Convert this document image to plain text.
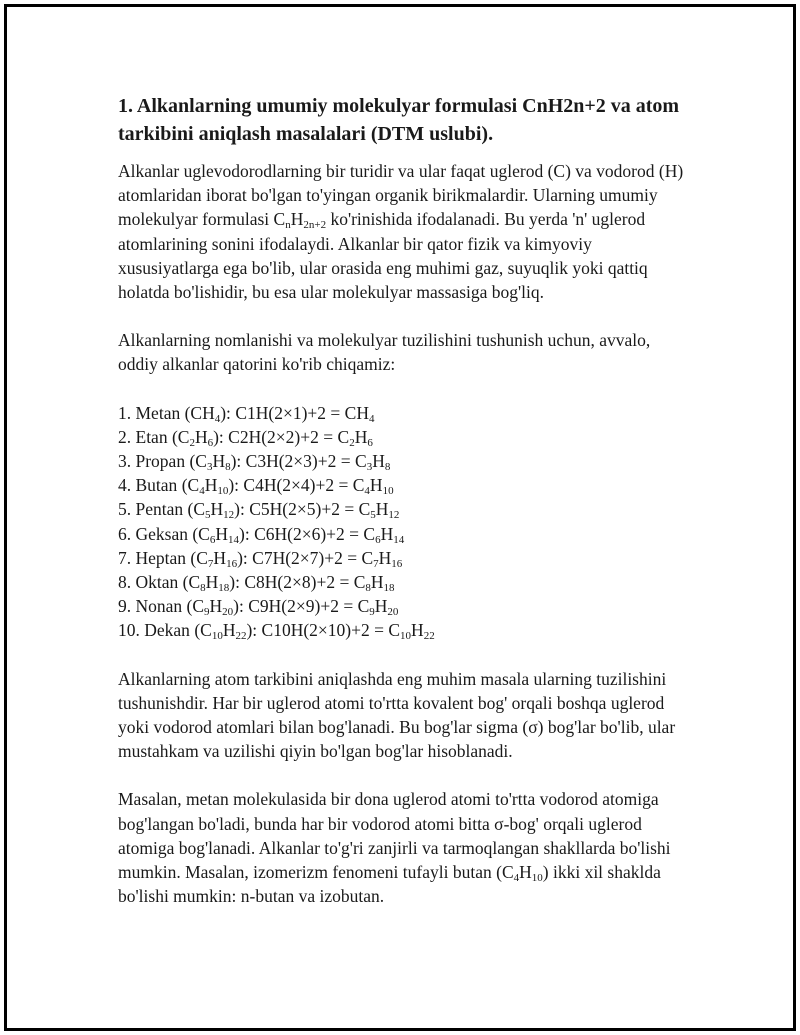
1. Alkanlarning umumiy molekulyar formulasi CnH2n+2 va atom tarkibini aniqlash masalalari (DTM uslubi).

Alkanlar uglevodorodlarning bir turidir va ular faqat uglerod (C) va vodorod (H) atomlaridan iborat bo'lgan to'yingan organik birikmalardir. Ularning umumiy molekulyar formulasi $C_nH_{2n+2}$ ko'rinishida ifodalanadi. Bu yerda 'n' uglerod atomlarining sonini ifodalaydi. Alkanlar bir qator fizik va kimyoviy xususiyatlarga ega bo'lib, ular orasida eng muhimi gaz, suyuqlik yoki qattiq holatda bo'lishidir, bu esa ular molekulyar massasiga bog'liq.

Alkanlarning nomlanishi va molekulyar tuzilishini tushunish uchun, avvalo, oddiy alkanlar qatorini ko'rib chiqamiz:

1. Metan $(CH_4)$: $C1H(2\times 1)+2 = CH_4$
2. Etan $(C_2H_6)$: $C2H(2\times 2)+2 = C_2H_6$
3. Propan $(C_3H_8)$: $C3H(2\times 3)+2 = C_3H_8$
4. Butan $(C_4H_{10})$: $C4H(2\times 4)+2 = C_4H_{10}$
5. Pentan $(C_5H_{12})$: $C5H(2\times 5)+2 = C_5H_{12}$
6. Geksan $(C_6H_{14})$: $C6H(2\times 6)+2 = C_6H_{14}$
7. Heptan $(C_7H_{16})$: $C7H(2\times 7)+2 = C_7H_{16}$
8. Oktan $(C_8H_{18})$: $C8H(2\times 8)+2 = C_8H_{18}$
9. Nonan $(C_9H_{20})$: $C9H(2\times 9)+2 = C_9H_{20}$
10. Dekan $(C_{10}H_{22})$: $C10H(2\times 10)+2 = C_{10}H_{22}$

Alkanlarning atom tarkibini aniqlashda eng muhim masala ularning tuzilishini tushunishdir. Har bir uglerod atomi to'rtta kovalent bog' orqali boshqa uglerod yoki vodorod atomlari bilan bog'lanadi. Bu bog'lar sigma (σ) bog'lar bo'lib, ular mustahkam va uzilishi qiyin bo'lgan bog'lar hisoblanadi.

Masalan, metan molekulasida bir dona uglerod atomi to'rtta vodorod atomiga bog'langan bo'ladi, bunda har bir vodorod atomi bitta σ-bog' orqali uglerod atomiga bog'lanadi. Alkanlar to'g'ri zanjirli va tarmoqlangan shakllarda bo'lishi mumkin. Masalan, izomerizm fenomeni tufayli butan $(C_4H_{10})$ ikki xil shaklda bo'lishi mumkin: n-butan va izobutan.
